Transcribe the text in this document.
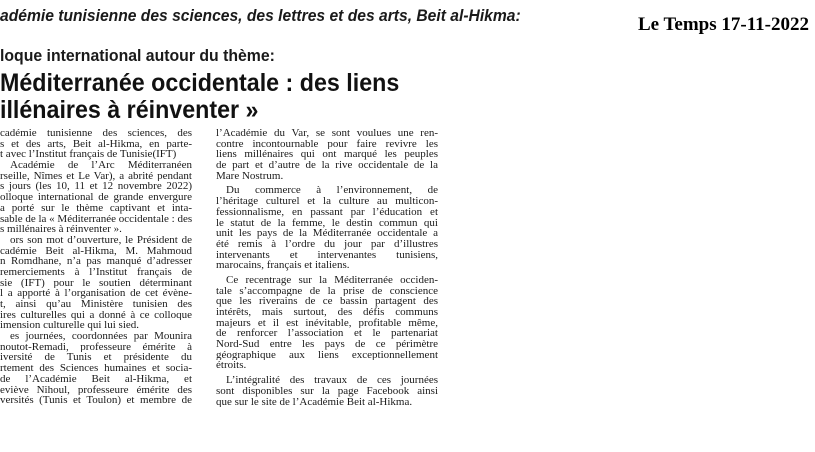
adémie tunisienne des sciences, des lettres et des arts, Beit al-Hikma:	Le Temps 17-11-2022
loque international autour du thème:
Méditerranée occidentale : des liens
illénaires à réinventer »
cadémie tunisienne des sciences, des
s et des arts, Beit al-Hikma, en parte-
t avec l’Institut français de Tunisie(IFT)
Académie de l’Arc Méditerranéen
rseille, Nîmes et Le Var), a abrité pendant
s jours (les 10, 11 et 12 novembre 2022)
olloque international de grande envergure
a porté sur le thème captivant et inta-
sable de la « Méditerranée occidentale : des
s millénaires à réinventer ».
ors son mot d’ouverture, le Président de
cadémie Beit al-Hikma, M. Mahmoud
n Romdhane, n’a pas manqué d’adresser
remerciements à l’Institut français de
sie (IFT) pour le soutien déterminant
l a apporté à l’organisation de cet évène-
t, ainsi qu’au Ministère tunisien des
ires culturelles qui a donné à ce colloque
imension culturelle qui lui sied.
es journées, coordonnées par Mounira
noutot-Remadi, professeure émérite à
iversité de Tunis et présidente du
rtement des Sciences humaines et socia-
de l’Académie Beit al-Hikma, et
eviève Nihoul, professeure émérite des
versités (Tunis et Toulon) et membre de
l’Académie du Var, se sont voulues une ren-
contre incontournable pour faire revivre les
liens millénaires qui ont marqué les peuples
de part et d’autre de la rive occidentale de la
Mare Nostrum.
Du commerce à l’environnement, de
l’héritage culturel et la culture au multicon-
fessionnalisme, en passant par l’éducation et
le statut de la femme, le destin commun qui
unit les pays de la Méditerranée occidentale a
été remis à l’ordre du jour par d’illustres
intervenants et intervenantes tunisiens,
marocains, français et italiens.
Ce recentrage sur la Méditerranée occiden-
tale s’accompagne de la prise de conscience
que les riverains de ce bassin partagent des
intérêts, mais surtout, des défis communs
majeurs et il est inévitable, profitable même,
de renforcer l’association et le partenariat
Nord-Sud entre les pays de ce périmètre
géographique aux liens exceptionnellement
étroits.
L’intégralité des travaux de ces journées
sont disponibles sur la page Facebook ainsi
que sur le site de l’Académie Beit al-Hikma.
